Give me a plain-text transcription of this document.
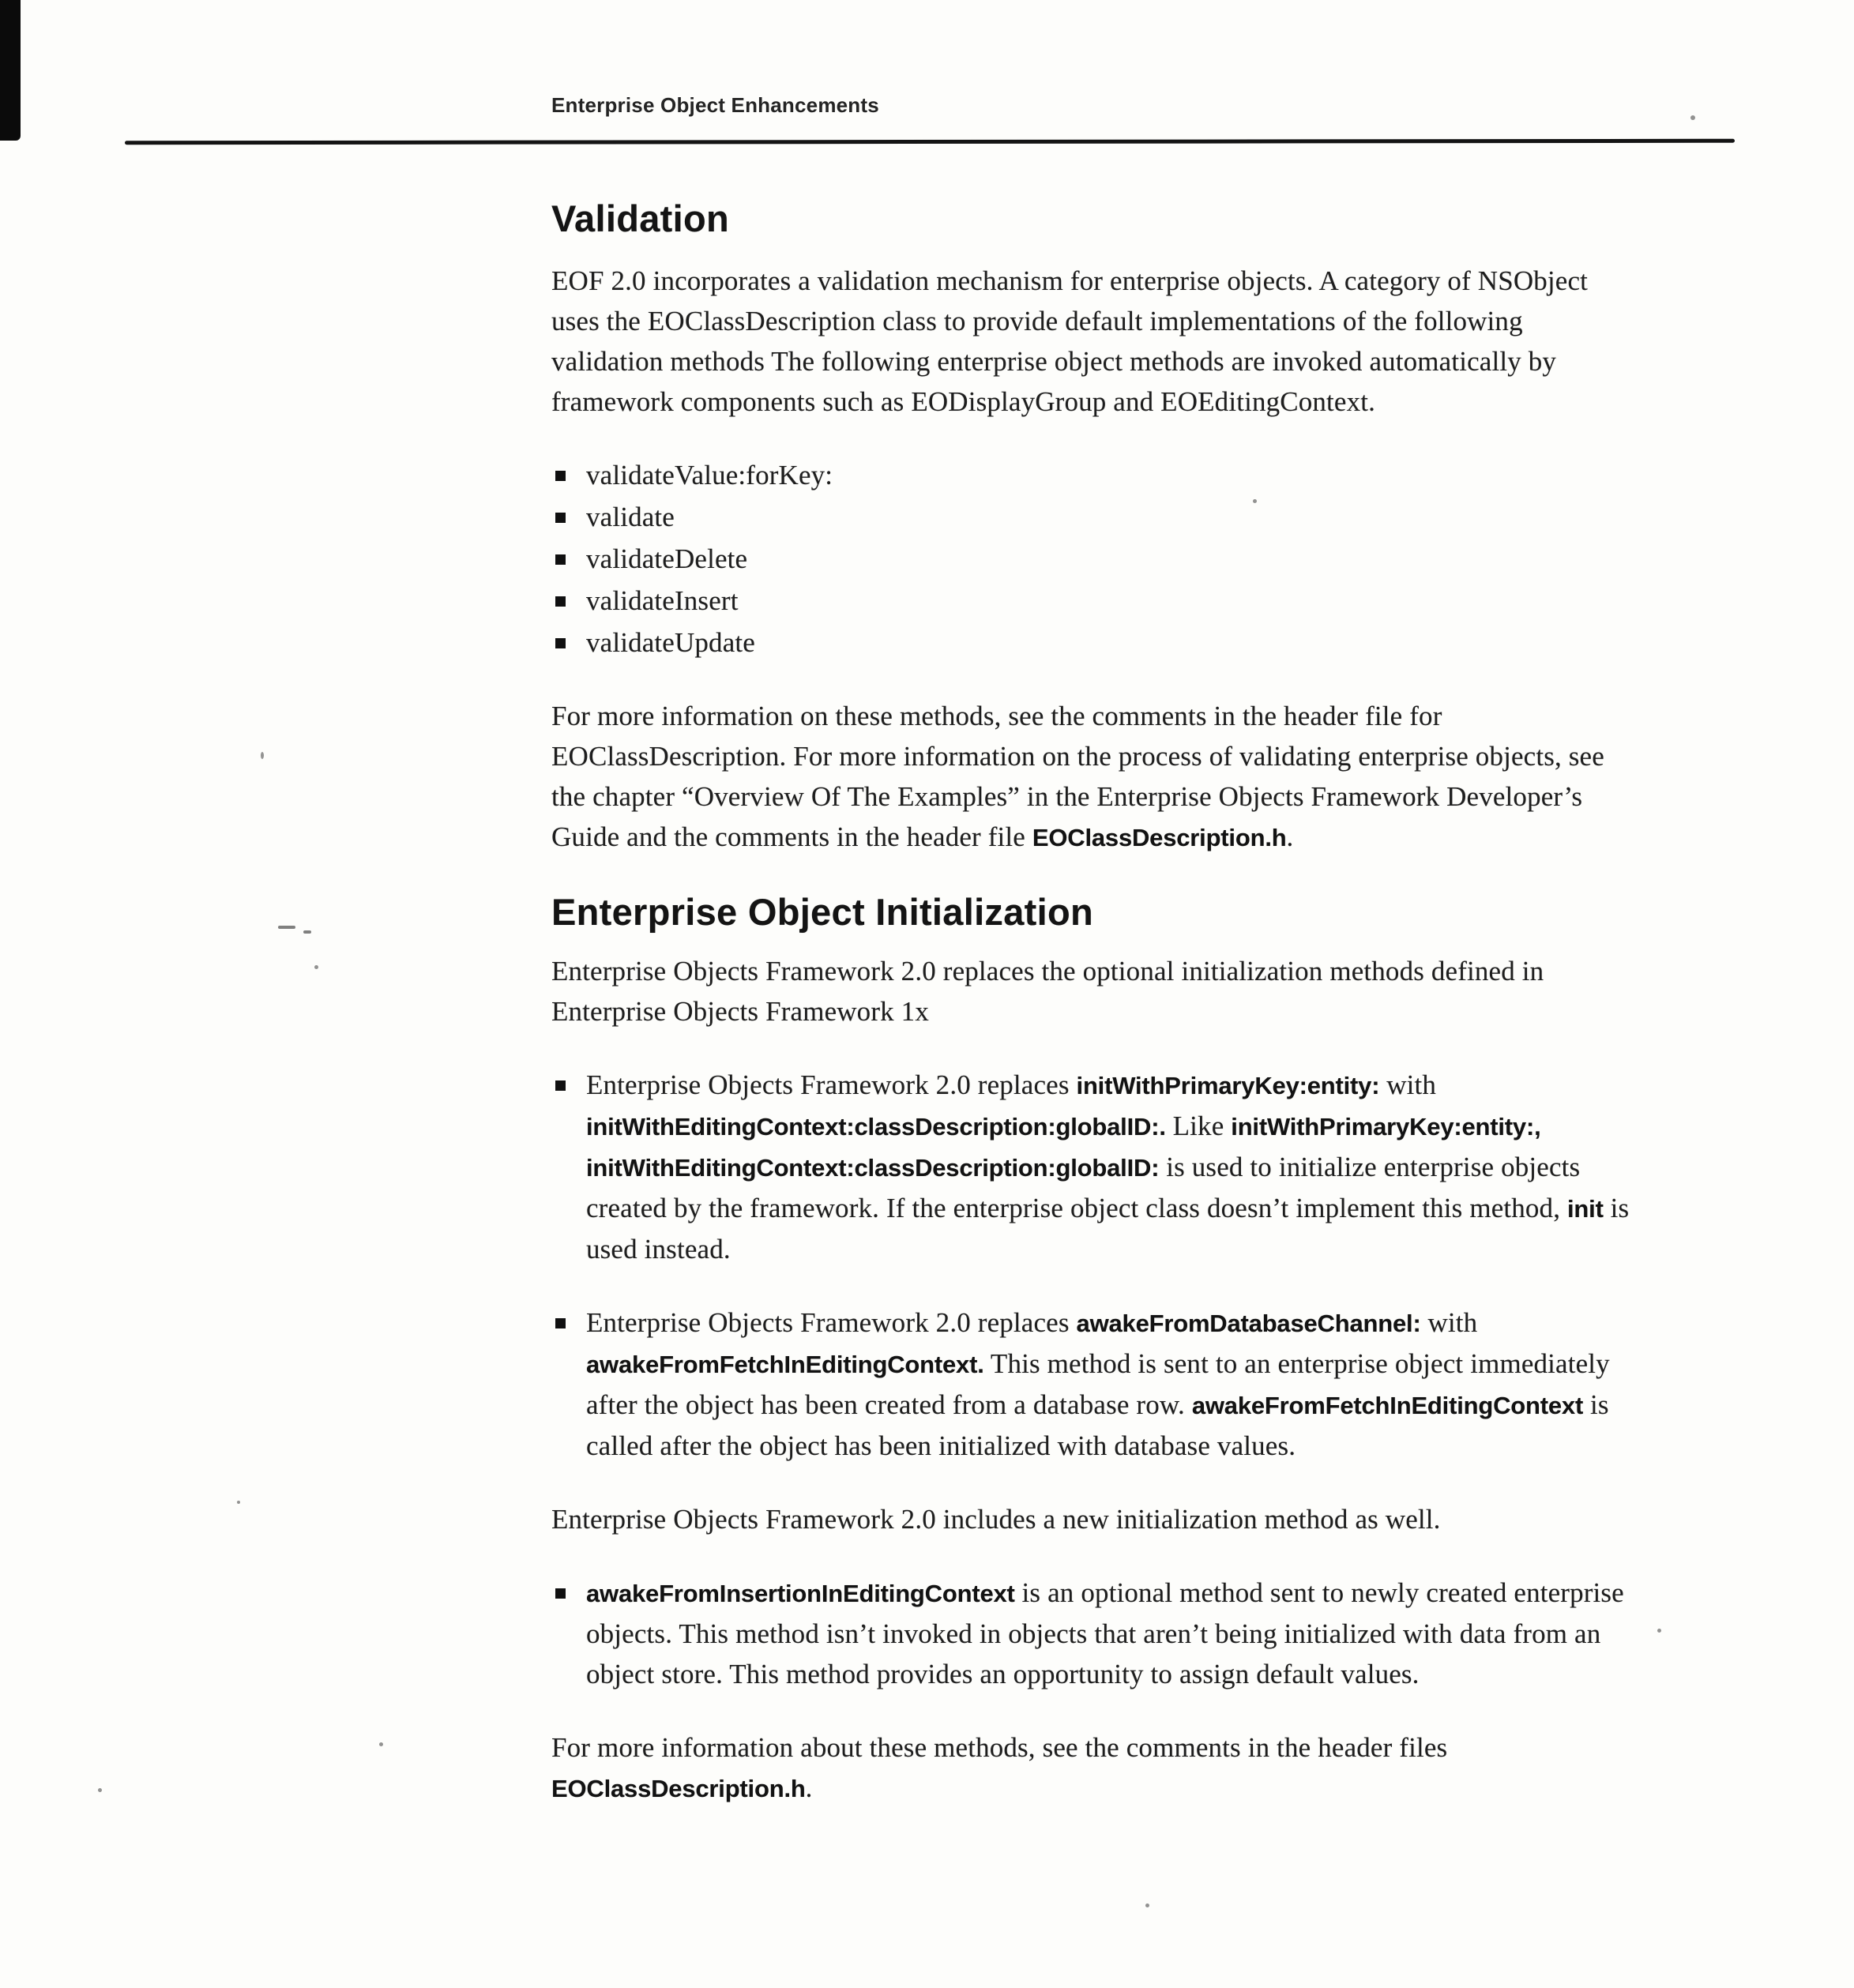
Enterprise Object Enhancements
Validation

EOF 2.0 incorporates a validation mechanism for enterprise objects. A category of NSObject uses the EOClassDescription class to provide default implementations of the following validation methods The following enterprise object methods are invoked automatically by framework components such as EODisplayGroup and EOEditingContext.

validateValue:forKey:
validate
validateDelete
validateInsert
validateUpdate

For more information on these methods, see the comments in the header file for EOClassDescription. For more information on the process of validating enterprise objects, see the chapter “Overview Of The Examples” in the Enterprise Objects Framework Developer’s Guide and the comments in the header file EOClassDescription.h.

Enterprise Object Initialization

Enterprise Objects Framework 2.0 replaces the optional initialization methods defined in Enterprise Objects Framework 1x

Enterprise Objects Framework 2.0 replaces initWithPrimaryKey:entity: with initWithEditingContext:classDescription:globalID:. Like initWithPrimaryKey:entity:, initWithEditingContext:classDescription:globalID: is used to initialize enterprise objects created by the framework. If the enterprise object class doesn’t implement this method, init is used instead.
Enterprise Objects Framework 2.0 replaces awakeFromDatabaseChannel: with awakeFromFetchInEditingContext. This method is sent to an enterprise object immediately after the object has been created from a database row. awakeFromFetchInEditingContext is called after the object has been initialized with database values.

Enterprise Objects Framework 2.0 includes a new initialization method as well.

awakeFromInsertionInEditingContext is an optional method sent to newly created enterprise objects. This method isn’t invoked in objects that aren’t being initialized with data from an object store. This method provides an opportunity to assign default values.

For more information about these methods, see the comments in the header files EOClassDescription.h.
